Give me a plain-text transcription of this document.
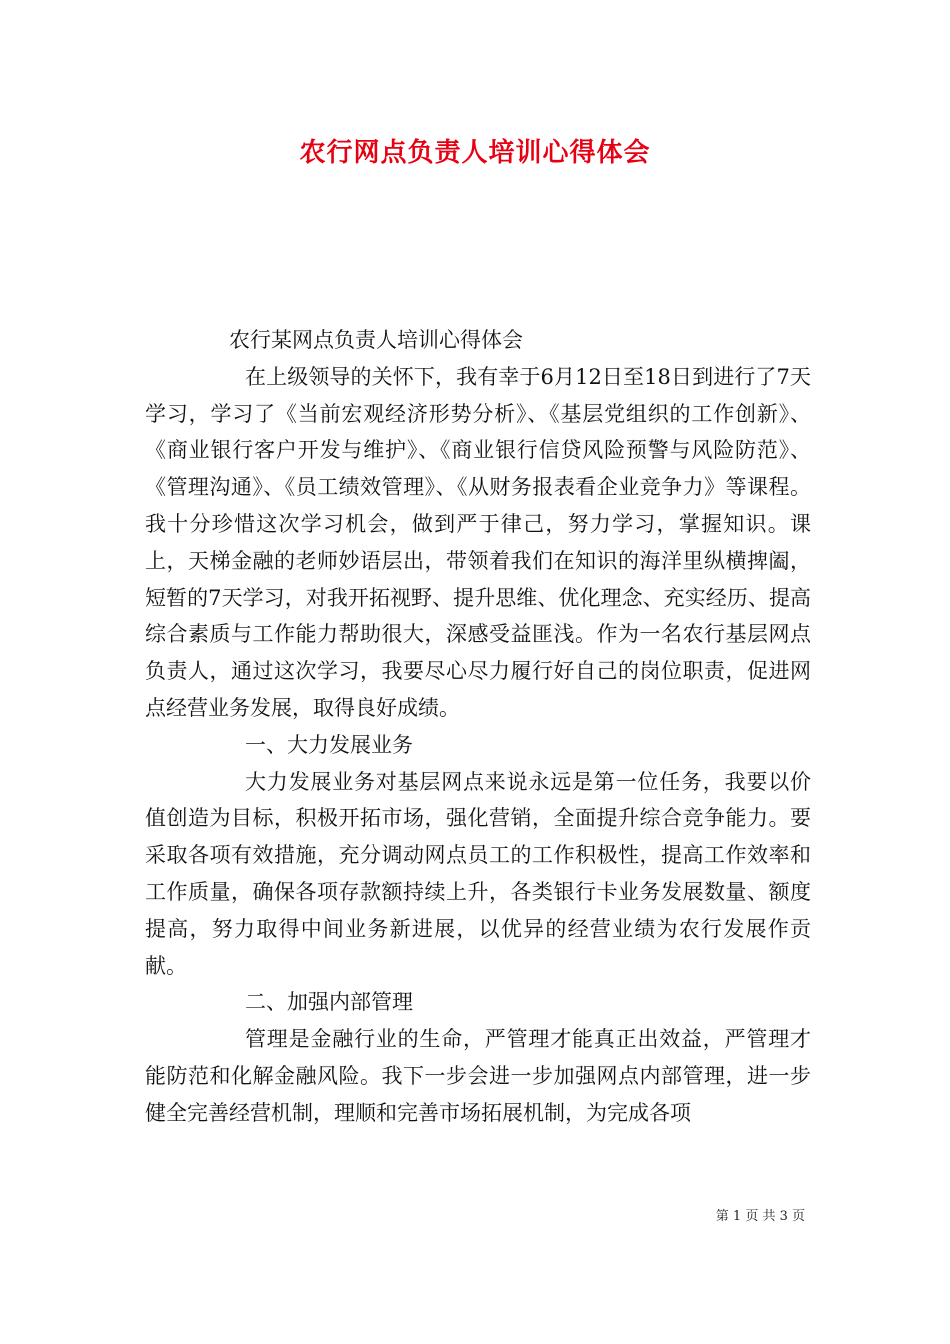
农行网点负责人培训心得体会

农行某网点负责人培训心得体会

在上级领导的关怀下，我有幸于6月12日至18日到进行了7天学习，学习了《当前宏观经济形势分析》、《基层党组织的工作创新》、《商业银行客户开发与维护》、《商业银行信贷风险预警与风险防范》、《管理沟通》、《员工绩效管理》、《从财务报表看企业竞争力》等课程。我十分珍惜这次学习机会，做到严于律己，努力学习，掌握知识。课上，天梯金融的老师妙语层出，带领着我们在知识的海洋里纵横捭阖，短暂的7天学习，对我开拓视野、提升思维、优化理念、充实经历、提高综合素质与工作能力帮助很大，深感受益匪浅。作为一名农行基层网点负责人，通过这次学习，我要尽心尽力履行好自己的岗位职责，促进网点经营业务发展，取得良好成绩。

一、大力发展业务

大力发展业务对基层网点来说永远是第一位任务，我要以价值创造为目标，积极开拓市场，强化营销，全面提升综合竞争能力。要采取各项有效措施，充分调动网点员工的工作积极性，提高工作效率和工作质量，确保各项存款额持续上升，各类银行卡业务发展数量、额度提高，努力取得中间业务新进展，以优异的经营业绩为农行发展作贡献。

二、加强内部管理

管理是金融行业的生命，严管理才能真正出效益，严管理才能防范和化解金融风险。我下一步会进一步加强网点内部管理，进一步健全完善经营机制，理顺和完善市场拓展机制，为完成各项

第 1 页 共 3 页
